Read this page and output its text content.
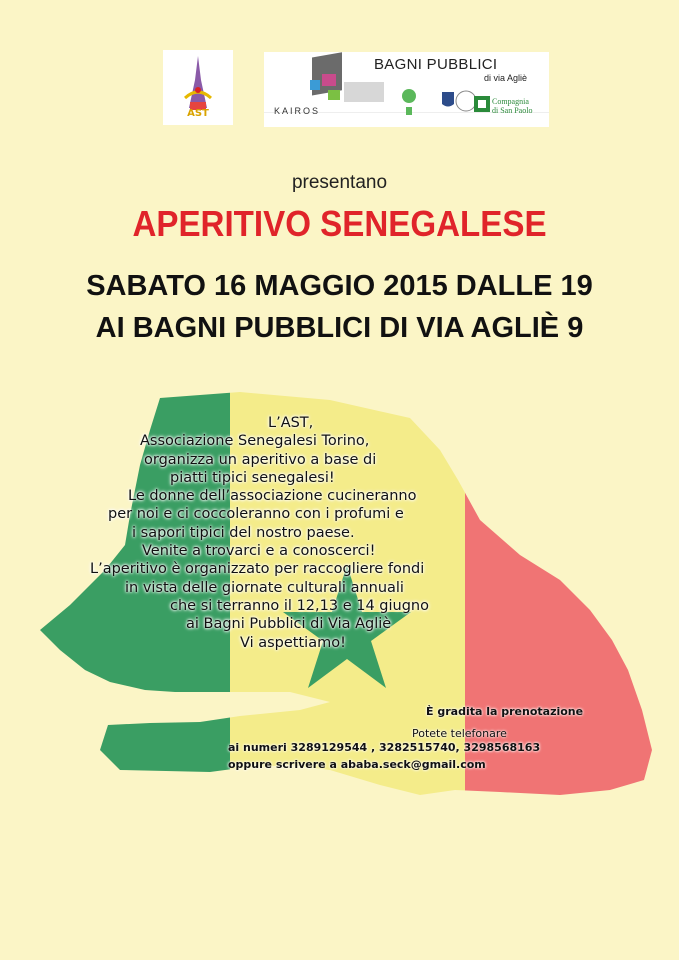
AST
BAGNI PUBBLICI
di via Agliè
KAIROS
Compagnia
di San Paolo
presentano
APERITIVO SENEGALESE
SABATO 16 MAGGIO 2015 DALLE 19
AI BAGNI PUBBLICI DI VIA AGLIÈ 9
L’AST,
Associazione Senegalesi Torino,
organizza un aperitivo a base di
piatti tipici senegalesi!
Le donne dell’associazione cucineranno
per noi e ci coccoleranno con i profumi e
i sapori tipici del nostro paese.
Venite a trovarci e a conoscerci!
L’aperitivo è organizzato per raccogliere fondi
in vista delle giornate culturali annuali
che si terranno il 12,13 e 14 giugno
ai Bagni Pubblici di Via Agliè
Vi aspettiamo!
È gradita la prenotazione
Potete telefonare
ai numeri 3289129544 , 3282515740, 3298568163
oppure scrivere a ababa.seck@gmail.com
